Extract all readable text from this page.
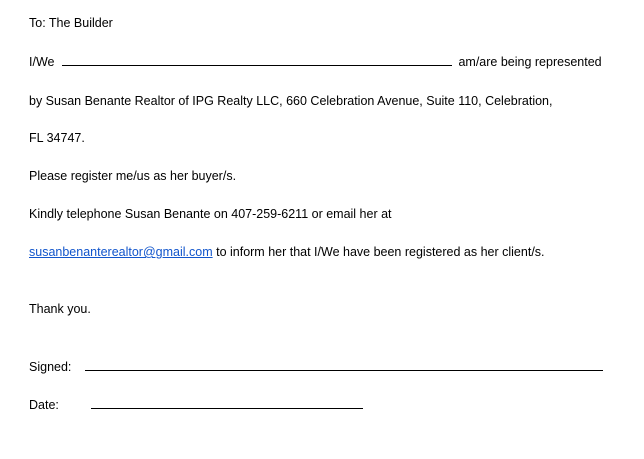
To: The Builder
I/We	am/are being represented
by Susan Benante Realtor of IPG Realty LLC, 660 Celebration Avenue, Suite 110, Celebration,
FL 34747.
Please register me/us as her buyer/s.
Kindly telephone Susan Benante on 407-259-6211 or email her at
susanbenanterealtor@gmail.com to inform her that I/We have been registered as her client/s.
Thank you.
Signed:
Date:
